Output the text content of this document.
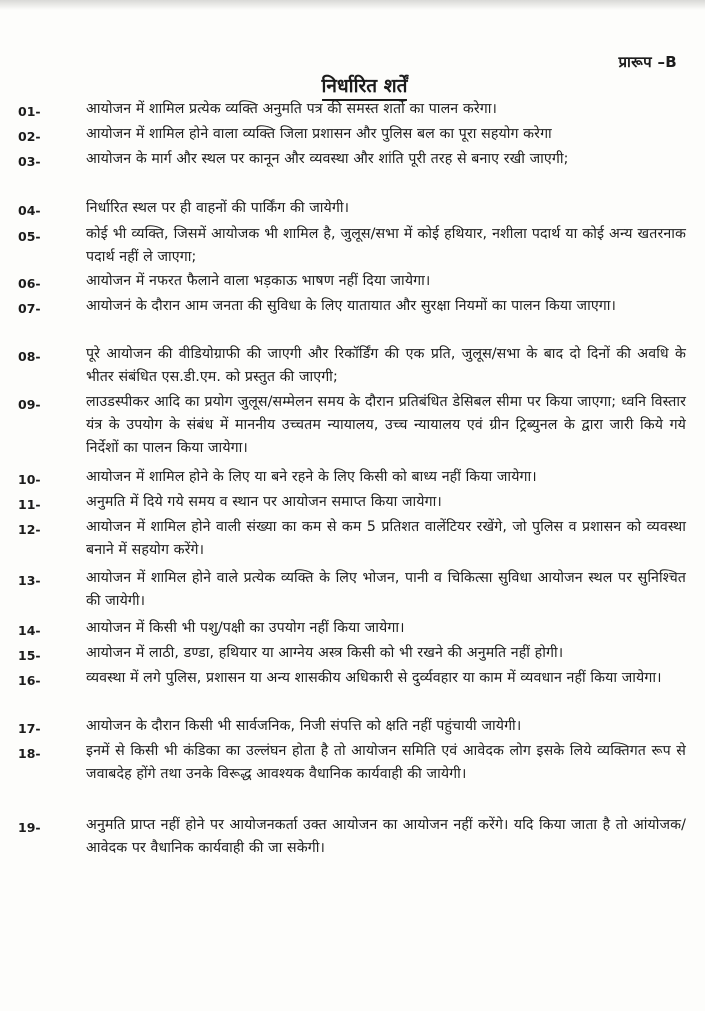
प्रारूप –B
निर्धारित शर्तें
01-	आयोजन में शामिल प्रत्येक व्यक्ति अनुमति पत्र की समस्त शर्तो का पालन करेगा।
02-	आयोजन में शामिल होने वाला व्यक्ति जिला प्रशासन और पुलिस बल का पूरा सहयोग करेगा
03-	आयोजन के मार्ग और स्थल पर कानून और व्यवस्था और शांति पूरी तरह से बनाए रखी जाएगी;
04-	निर्धारित स्थल पर ही वाहनों की पार्किंग की जायेगी।
05-	कोई भी व्यक्ति, जिसमें आयोजक भी शामिल है, जुलूस/सभा में कोई हथियार, नशीला पदार्थ या कोई अन्य खतरनाक पदार्थ नहीं ले जाएगा;
06-	आयोजन में नफरत फैलाने वाला भड़काऊ भाषण नहीं दिया जायेगा।
07-	आयोजनं के दौरान आम जनता की सुविधा के लिए यातायात और सुरक्षा नियमों का पालन किया जाएगा।
08-	पूरे आयोजन की वीडियोग्राफी की जाएगी और रिकॉर्डिंग की एक प्रति, जुलूस/सभा के बाद दो दिनों की अवधि के भीतर संबंधित एस.डी.एम. को प्रस्तुत की जाएगी;
09-	लाउडस्पीकर आदि का प्रयोग जुलूस/सम्मेलन समय के दौरान प्रतिबंधित डेसिबल सीमा पर किया जाएगा; ध्वनि विस्तार यंत्र के उपयोग के संबंध में माननीय उच्चतम न्यायालय, उच्च न्यायालय एवं ग्रीन ट्रिब्युनल के द्वारा जारी किये गये निर्देशों का पालन किया जायेगा।
10-	आयोजन में शामिल होने के लिए या बने रहने के लिए किसी को बाध्य नहीं किया जायेगा।
11-	अनुमति में दिये गये समय व स्थान पर आयोजन समाप्त किया जायेगा।
12-	आयोजन में शामिल होने वाली संख्या का कम से कम 5 प्रतिशत वालेंटियर रखेंगे, जो पुलिस व प्रशासन को व्यवस्था बनाने में सहयोग करेंगे।
13-	आयोजन में शामिल होने वाले प्रत्येक व्यक्ति के लिए भोजन, पानी व चिकित्सा सुविधा आयोजन स्थल पर सुनिश्चित की जायेगी।
14-	आयोजन में किसी भी पशु/पक्षी का उपयोग नहीं किया जायेगा।
15-	आयोजन में लाठी, डण्डा, हथियार या आग्नेय अस्त्र किसी को भी रखने की अनुमति नहीं होगी।
16-	व्यवस्था में लगे पुलिस, प्रशासन या अन्य शासकीय अधिकारी से दुर्व्यवहार या काम में व्यवधान नहीं किया जायेगा।
17-	आयोजन के दौरान किसी भी सार्वजनिक, निजी संपत्ति को क्षति नहीं पहुंचायी जायेगी।
18-	इनमें से किसी भी कंडिका का उल्लंघन होता है तो आयोजन समिति एवं आवेदक लोग इसके लिये व्यक्तिगत रूप से जवाबदेह होंगे तथा उनके विरूद्ध आवश्यक वैधानिक कार्यवाही की जायेगी।
19-	अनुमति प्राप्त नहीं होने पर आयोजनकर्ता उक्त आयोजन का आयोजन नहीं करेंगे। यदि किया जाता है तो आंयोजक/आवेदक पर वैधानिक कार्यवाही की जा सकेगी।
